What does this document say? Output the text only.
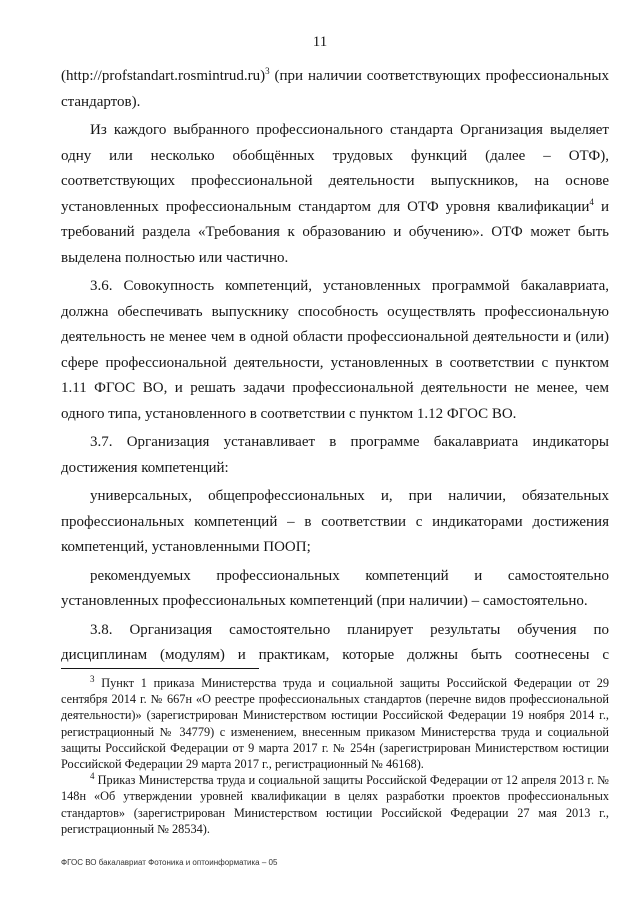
11

(http://profstandart.rosmintrud.ru)$^3$ (при наличии соответствующих профессиональных стандартов).

Из каждого выбранного профессионального стандарта Организация выделяет одну или несколько обобщённых трудовых функций (далее – ОТФ), соответствующих профессиональной деятельности выпускников, на основе установленных профессиональным стандартом для ОТФ уровня квалификации$^4$ и требований раздела «Требования к образованию и обучению». ОТФ может быть выделена полностью или частично.

3.6. Совокупность компетенций, установленных программой бакалавриата, должна обеспечивать выпускнику способность осуществлять профессиональную деятельность не менее чем в одной области профессиональной деятельности и (или) сфере профессиональной деятельности, установленных в соответствии с пунктом 1.11 ФГОС ВО, и решать задачи профессиональной деятельности не менее, чем одного типа, установленного в соответствии с пунктом 1.12 ФГОС ВО.

3.7. Организация устанавливает в программе бакалавриата индикаторы достижения компетенций:

универсальных, общепрофессиональных и, при наличии, обязательных профессиональных компетенций – в соответствии с индикаторами достижения компетенций, установленными ПООП;

рекомендуемых профессиональных компетенций и самостоятельно установленных профессиональных компетенций (при наличии) – самостоятельно.

3.8. Организация самостоятельно планирует результаты обучения по дисциплинам (модулям) и практикам, которые должны быть соотнесены с

$^3$ Пункт 1 приказа Министерства труда и социальной защиты Российской Федерации от 29 сентября 2014 г. № 667н «О реестре профессиональных стандартов (перечне видов профессиональной деятельности)» (зарегистрирован Министерством юстиции Российской Федерации 19 ноября 2014 г., регистрационный № 34779) с изменением, внесенным приказом Министерства труда и социальной защиты Российской Федерации от 9 марта 2017 г. № 254н (зарегистрирован Министерством юстиции Российской Федерации 29 марта 2017 г., регистрационный № 46168).

$^4$ Приказ Министерства труда и социальной защиты Российской Федерации от 12 апреля 2013 г. № 148н «Об утверждении уровней квалификации в целях разработки проектов профессиональных стандартов» (зарегистрирован Министерством юстиции Российской Федерации 27 мая 2013 г., регистрационный № 28534).

ФГОС ВО бакалавриат Фотоника и оптоинформатика – 05
